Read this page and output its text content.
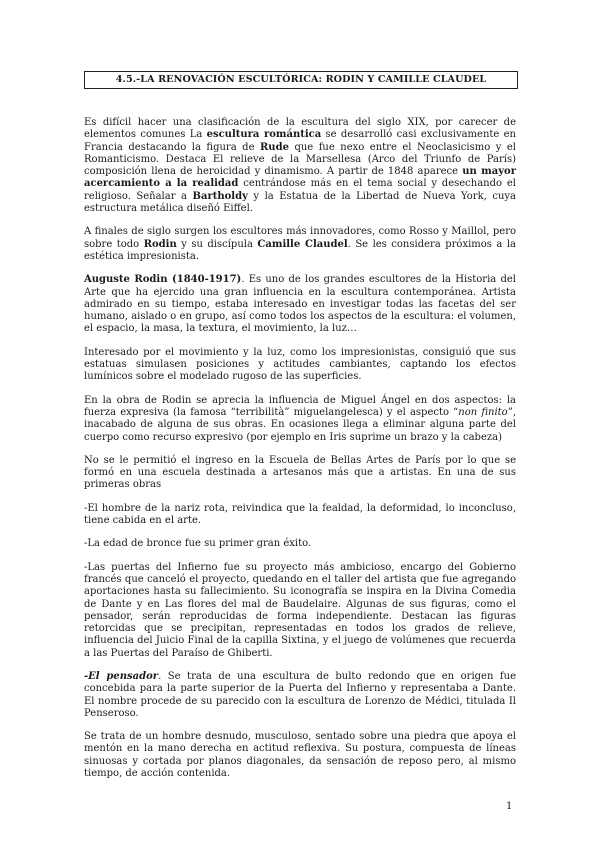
4.5.-LA RENOVACIÓN ESCULTÓRICA: RODIN Y CAMILLE CLAUDEL

Es difícil hacer una clasificación de la escultura del siglo XIX, por carecer de elementos comunes La escultura romántica se desarrolló casi exclusivamente en Francia destacando la figura de Rude que fue nexo entre el Neoclasicismo y el Romanticismo. Destaca El relieve de la Marsellesa (Arco del Triunfo de París) composición llena de heroicidad y dinamismo. A partir de 1848 aparece un mayor acercamiento a la realidad centrándose más en el tema social y desechando el religioso. Señalar a Bartholdy y la Estatua de la Libertad de Nueva York, cuya estructura metálica diseñó Eiffel.

A finales de siglo surgen los escultores más innovadores, como Rosso y Maillol, pero sobre todo Rodin y su discípula Camille Claudel. Se les considera próximos a la estética impresionista.

Auguste Rodin (1840-1917). Es uno de los grandes escultores de la Historia del Arte que ha ejercido una gran influencia en la escultura contemporánea. Artista admirado en su tiempo, estaba interesado en investigar todas las facetas del ser humano, aislado o en grupo, así como todos los aspectos de la escultura: el volumen, el espacio, la masa, la textura, el movimiento, la luz…

Interesado por el movimiento y la luz, como los impresionistas, consiguió que sus estatuas simulasen posiciones y actitudes cambiantes, captando los efectos lumínicos sobre el modelado rugoso de las superficies.

En la obra de Rodin se aprecia la influencia de Miguel Ángel en dos aspectos: la fuerza expresiva (la famosa “terribilità” miguelangelesca) y el aspecto “non finito”, inacabado de alguna de sus obras. En ocasiones llega a eliminar alguna parte del cuerpo como recurso expresivo (por ejemplo en Iris suprime un brazo y la cabeza)

No se le permitió el ingreso en la Escuela de Bellas Artes de París por lo que se formó en una escuela destinada a artesanos más que a artistas. En una de sus primeras obras

-El hombre de la nariz rota, reivindica que la fealdad, la deformidad, lo inconcluso, tiene cabida en el arte.

-La edad de bronce fue su primer gran éxito.

-Las puertas del Infierno fue su proyecto más ambicioso, encargo del Gobierno francés que canceló el proyecto, quedando en el taller del artista que fue agregando aportaciones hasta su fallecimiento. Su iconografía se inspira en la Divina Comedia de Dante y en Las flores del mal de Baudelaire. Algunas de sus figuras, como el pensador, serán reproducidas de forma independiente. Destacan las figuras retorcidas que se precipitan, representadas en todos los grados de relieve, influencia del Juicio Final de la capilla Sixtina, y el juego de volúmenes que recuerda a las Puertas del Paraíso de Ghiberti.

-El pensador. Se trata de una escultura de bulto redondo que en origen fue concebida para la parte superior de la Puerta del Infierno y representaba a Dante. El nombre procede de su parecido con la escultura de Lorenzo de Médici, titulada Il Penseroso.

Se trata de un hombre desnudo, musculoso, sentado sobre una piedra que apoya el mentón en la mano derecha en actitud reflexiva. Su postura, compuesta de líneas sinuosas y cortada por planos diagonales, da sensación de reposo pero, al mismo tiempo, de acción contenida.

1
